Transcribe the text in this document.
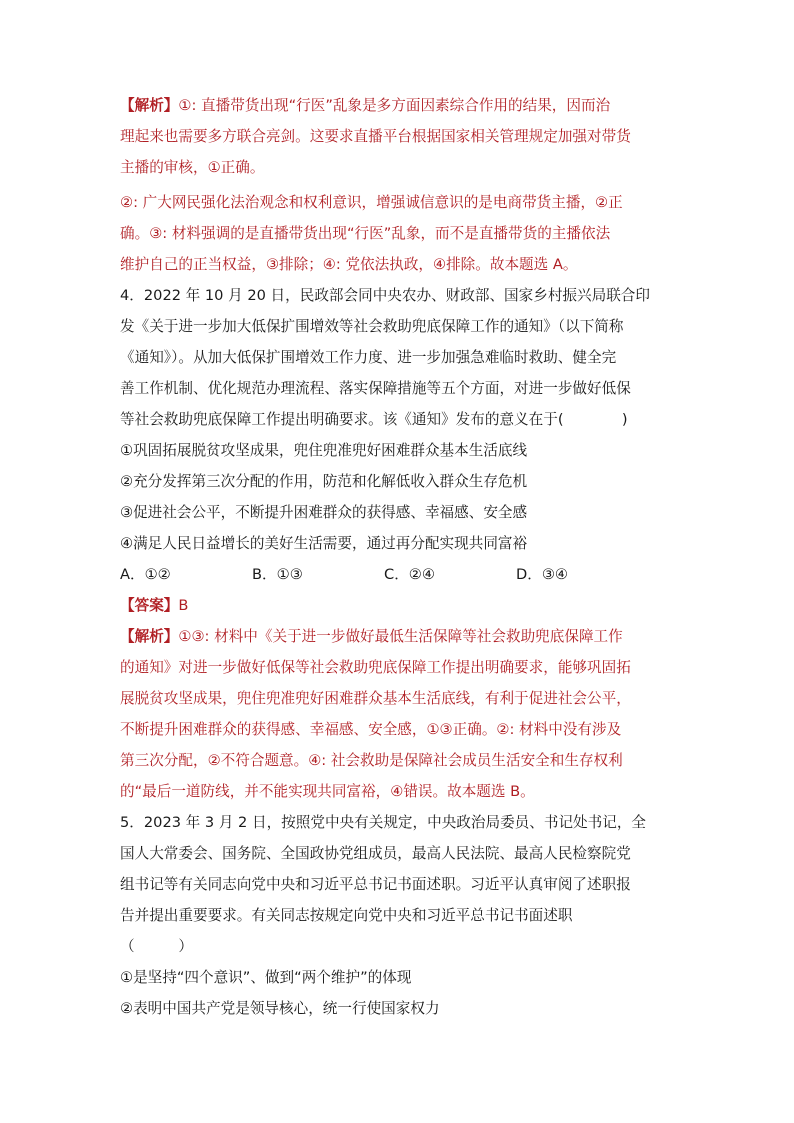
【解析】①: 直播带货出现“行医”乱象是多方面因素综合作用的结果，因而治

理起来也需要多方联合亮剑。这要求直播平台根据国家相关管理规定加强对带货

主播的审核，①正确。

②: 广大网民强化法治观念和权利意识，增强诚信意识的是电商带货主播，②正

确。③: 材料强调的是直播带货出现“行医”乱象，而不是直播带货的主播依法

维护自己的正当权益，③排除；④: 党依法执政，④排除。故本题选 A。

4．2022 年 10 月 20 日，民政部会同中央农办、财政部、国家乡村振兴局联合印

发《关于进一步加大低保扩围增效等社会救助兜底保障工作的通知》（以下简称

《通知》）。从加大低保扩围增效工作力度、进一步加强急难临时救助、健全完

善工作机制、优化规范办理流程、落实保障措施等五个方面，对进一步做好低保

等社会救助兜底保障工作提出明确要求。该《通知》发布的意义在于(　　　　)

①巩固拓展脱贫攻坚成果，兜住兜准兜好困难群众基本生活底线

②充分发挥第三次分配的作用，防范和化解低收入群众生存危机

③促进社会公平，不断提升困难群众的获得感、幸福感、安全感

④满足人民日益增长的美好生活需要，通过再分配实现共同富裕

A．①②	B．①③	C．②④	D．③④

【答案】B

【解析】①③: 材料中《关于进一步做好最低生活保障等社会救助兜底保障工作

的通知》对进一步做好低保等社会救助兜底保障工作提出明确要求，能够巩固拓

展脱贫攻坚成果，兜住兜准兜好困难群众基本生活底线，有利于促进社会公平，

不断提升困难群众的获得感、幸福感、安全感，①③正确。②: 材料中没有涉及

第三次分配，②不符合题意。④: 社会救助是保障社会成员生活安全和生存权利

的“最后一道防线，并不能实现共同富裕，④错误。故本题选 B。

5．2023 年 3 月 2 日，按照党中央有关规定，中央政治局委员、书记处书记，全

国人大常委会、国务院、全国政协党组成员，最高人民法院、最高人民检察院党

组书记等有关同志向党中央和习近平总书记书面述职。习近平认真审阅了述职报

告并提出重要要求。有关同志按规定向党中央和习近平总书记书面述职

（　　　）

①是坚持“四个意识”、做到“两个维护”的体现

②表明中国共产党是领导核心，统一行使国家权力
